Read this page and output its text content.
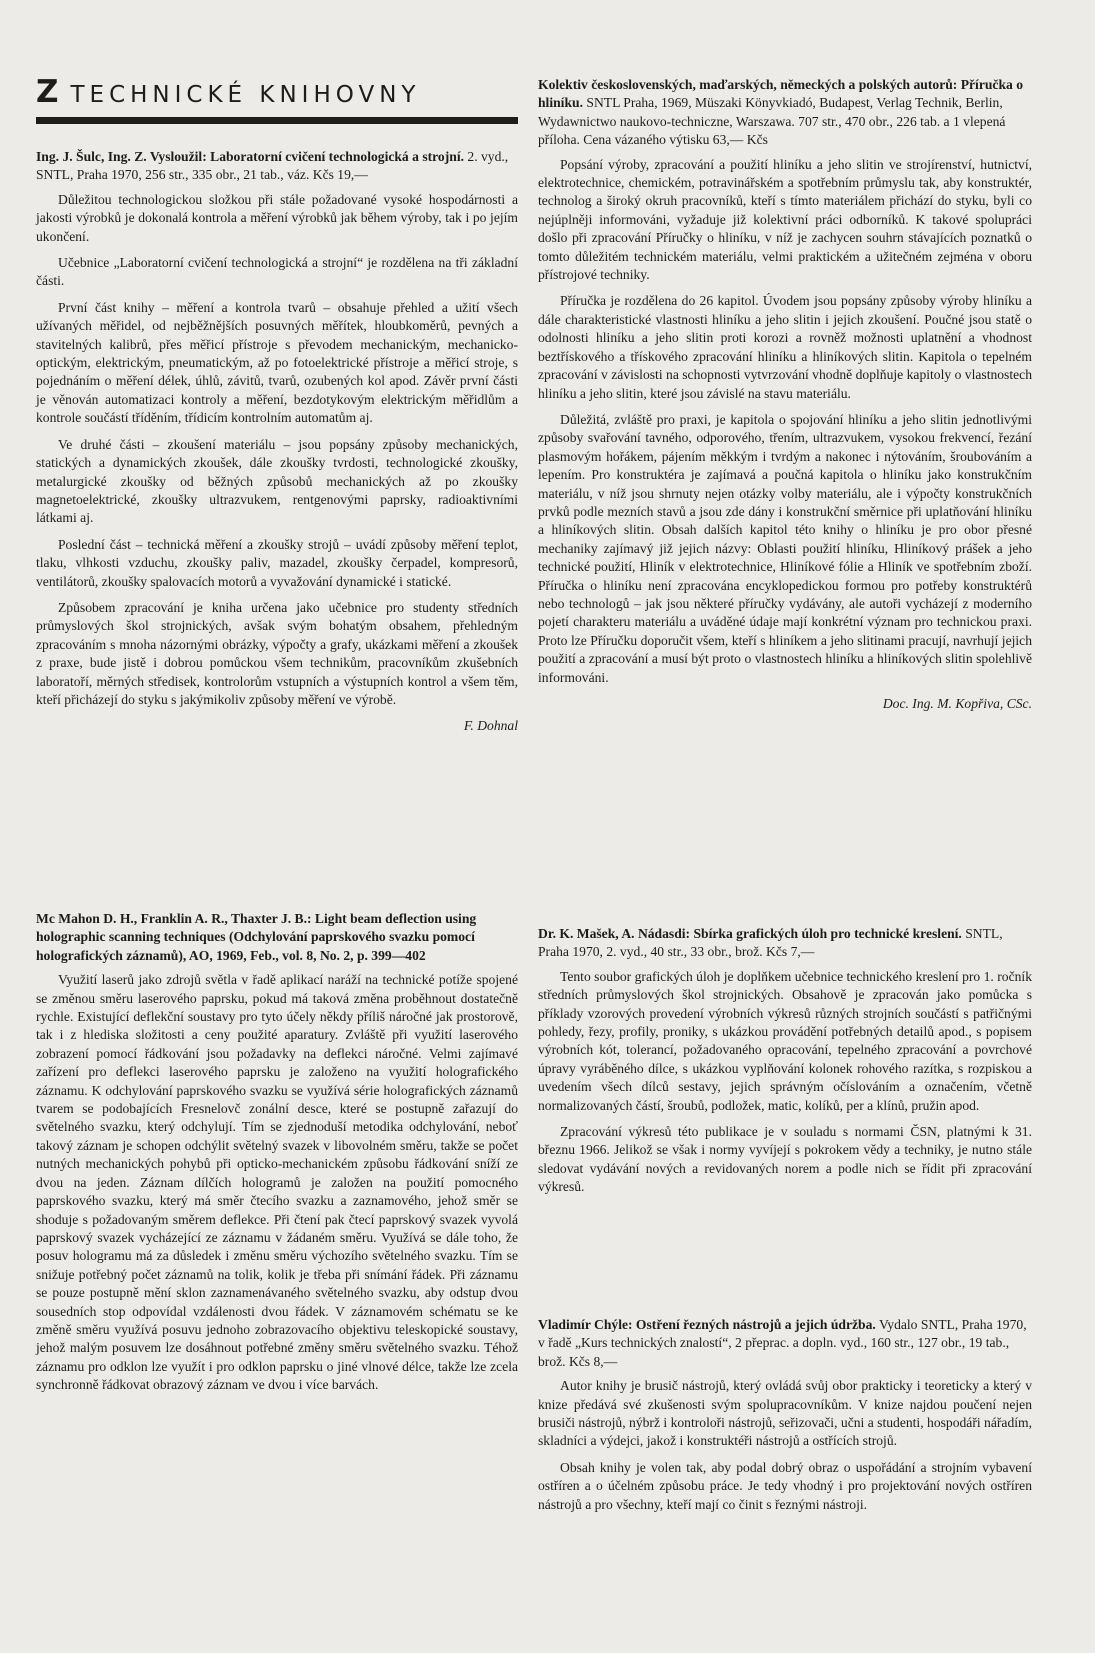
Z TECHNICKÉ KNIHOVNY
Ing. J. Šulc, Ing. Z. Vysloužil: Laboratorní cvičení technologická a strojní. 2. vyd., SNTL, Praha 1970, 256 str., 335 obr., 21 tab., váz. Kčs 19,—

Důležitou technologickou složkou při stále požadované vysoké hospodárnosti a jakosti výrobků je dokonalá kontrola a měření výrobků jak během výroby, tak i po jejím ukončení.

Učebnice „Laboratorní cvičení technologická a strojní“ je rozdělena na tři základní části.

První část knihy – měření a kontrola tvarů – obsahuje přehled a užití všech užívaných měřidel, od nejběžnějších posuvných měřítek, hloubkoměrů, pevných a stavitelných kalibrů, přes měřicí přístroje s převodem mechanickým, mechanicko-optickým, elektrickým, pneumatickým, až po fotoelektrické přístroje a měřicí stroje, s pojednáním o měření délek, úhlů, závitů, tvarů, ozubených kol apod. Závěr první části je věnován automatizaci kontroly a měření, bezdotykovým elektrickým měřidlům a kontrole součástí tříděním, třídicím kontrolním automatům aj.

Ve druhé části – zkoušení materiálu – jsou popsány způsoby mechanických, statických a dynamických zkoušek, dále zkoušky tvrdosti, technologické zkoušky, metalurgické zkoušky od běžných způsobů mechanických až po zkoušky magnetoelektrické, zkoušky ultrazvukem, rentgenovými paprsky, radioaktivními látkami aj.

Poslední část – technická měření a zkoušky strojů – uvádí způsoby měření teplot, tlaku, vlhkosti vzduchu, zkoušky paliv, mazadel, zkoušky čerpadel, kompresorů, ventilátorů, zkoušky spalovacích motorů a vyvažování dynamické i statické.

Způsobem zpracování je kniha určena jako učebnice pro studenty středních průmyslových škol strojnických, avšak svým bohatým obsahem, přehledným zpracováním s mnoha názornými obrázky, výpočty a grafy, ukázkami měření a zkoušek z praxe, bude jistě i dobrou pomůckou všem technikům, pracovníkům zkušebních laboratoří, měrných středisek, kontrolorům vstupních a výstupních kontrol a všem těm, kteří přicházejí do styku s jakýmikoliv způsoby měření ve výrobě.

F. Dohnal

Mc Mahon D. H., Franklin A. R., Thaxter J. B.: Light beam deflection using holographic scanning techniques (Odchylování paprskového svazku pomocí holografických záznamů), AO, 1969, Feb., vol. 8, No. 2, p. 399—402

Využití laserů jako zdrojů světla v řadě aplikací naráží na technické potíže spojené se změnou směru laserového paprsku, pokud má taková změna proběhnout dostatečně rychle. Existující deflekční soustavy pro tyto účely někdy příliš náročné jak prostorově, tak i z hlediska složitosti a ceny použité aparatury. Zvláště při využití laserového zobrazení pomocí řádkování jsou požadavky na deflekci náročné. Velmi zajímavé zařízení pro deflekci laserového paprsku je založeno na využití holografického záznamu. K odchylování paprskového svazku se využívá série holografických záznamů tvarem se podobajících Fresnelovč zonální desce, které se postupně zařazují do světelného svazku, který odchylují. Tím se zjednoduší metodika odchylování, neboť takový záznam je schopen odchýlit světelný svazek v libovolném směru, takže se počet nutných mechanických pohybů při opticko-mechanickém způsobu řádkování sníží ze dvou na jeden. Záznam dílčích hologramů je založen na použití pomocného paprskového svazku, který má směr čtecího svazku a zaznamového, jehož směr se shoduje s požadovaným směrem deflekce. Při čtení pak čtecí paprskový svazek vyvolá paprskový svazek vycházející ze záznamu v žádaném směru. Využívá se dále toho, že posuv hologramu má za důsledek i změnu směru výchozího světelného svazku. Tím se snižuje potřebný počet záznamů na tolik, kolik je třeba při snímání řádek. Při záznamu se pouze postupně mění sklon zaznamenávaného světelného svazku, aby odstup dvou sousedních stop odpovídal vzdálenosti dvou řádek. V záznamovém schématu se ke změně směru využívá posuvu jednoho zobrazovacího objektivu teleskopické soustavy, jehož malým posuvem lze dosáhnout potřebné změny směru světelného svazku. Téhož záznamu pro odklon lze využít i pro odklon paprsku o jiné vlnové délce, takže lze zcela synchronně řádkovat obrazový záznam ve dvou i více barvách.

Kolektiv československých, maďarských, německých a polských autorů: Příručka o hliníku. SNTL Praha, 1969, Müszaki Könyvkiadó, Budapest, Verlag Technik, Berlin, Wydawnictwo naukovo-techniczne, Warszawa. 707 str., 470 obr., 226 tab. a 1 vlepená příloha. Cena vázaného výtisku 63,— Kčs

Popsání výroby, zpracování a použití hliníku a jeho slitin ve strojírenství, hutnictví, elektrotechnice, chemickém, potravinářském a spotřebním průmyslu tak, aby konstruktér, technolog a široký okruh pracovníků, kteří s tímto materiálem přichází do styku, byli co nejúplněji informováni, vyžaduje již kolektivní práci odborníků. K takové spolupráci došlo při zpracování Příručky o hliníku, v níž je zachycen souhrn stávajících poznatků o tomto důležitém technickém materiálu, velmi praktickém a užitečném zejména v oboru přístrojové techniky.

Příručka je rozdělena do 26 kapitol. Úvodem jsou popsány způsoby výroby hliníku a dále charakteristické vlastnosti hliníku a jeho slitin i jejich zkoušení. Poučné jsou statě o odolnosti hliníku a jeho slitin proti korozi a rovněž možnosti uplatnění a vhodnost beztřískového a třískového zpracování hliníku a hliníkových slitin. Kapitola o tepelném zpracování v závislosti na schopnosti vytvrzování vhodně doplňuje kapitoly o vlastnostech hliníku a jeho slitin, které jsou závislé na stavu materiálu.

Důležitá, zvláště pro praxi, je kapitola o spojování hliníku a jeho slitin jednotlivými způsoby svařování tavného, odporového, třením, ultrazvukem, vysokou frekvencí, řezání plasmovým hořákem, pájením měkkým i tvrdým a nakonec i nýtováním, šroubováním a lepením. Pro konstruktéra je zajímavá a poučná kapitola o hliníku jako konstrukčním materiálu, v níž jsou shrnuty nejen otázky volby materiálu, ale i výpočty konstrukčních prvků podle mezních stavů a jsou zde dány i konstrukční směrnice při uplatňování hliníku a hliníkových slitin. Obsah dalších kapitol této knihy o hliníku je pro obor přesné mechaniky zajímavý již jejich názvy: Oblasti použití hliníku, Hliníkový prášek a jeho technické použití, Hliník v elektrotechnice, Hliníkové fólie a Hliník ve spotřebním zboží. Příručka o hliníku není zpracována encyklopedickou formou pro potřeby konstruktérů nebo technologů – jak jsou některé příručky vydávány, ale autoři vycházejí z moderního pojetí charakteru materiálu a uváděné údaje mají konkrétní význam pro technickou praxi. Proto lze Příručku doporučit všem, kteří s hliníkem a jeho slitinami pracují, navrhují jejich použití a zpracování a musí být proto o vlastnostech hliníku a hliníkových slitin spolehlivě informováni.

Doc. Ing. M. Kopřiva, CSc.

Dr. K. Mašek, A. Nádasdi: Sbírka grafických úloh pro technické kreslení. SNTL, Praha 1970, 2. vyd., 40 str., 33 obr., brož. Kčs 7,—

Tento soubor grafických úloh je doplňkem učebnice technického kreslení pro 1. ročník středních průmyslových škol strojnických. Obsahově je zpracován jako pomůcka s příklady vzorových provedení výrobních výkresů různých strojních součástí s patřičnými pohledy, řezy, profily, proniky, s ukázkou provádění potřebných detailů apod., s popisem výrobních kót, tolerancí, požadovaného opracování, tepelného zpracování a povrchové úpravy vyráběného dílce, s ukázkou vyplňování kolonek rohového razítka, s rozpiskou a uvedením všech dílců sestavy, jejich správným očíslováním a označením, včetně normalizovaných částí, šroubů, podložek, matic, kolíků, per a klínů, pružin apod.

Zpracování výkresů této publikace je v souladu s normami ČSN, platnými k 31. březnu 1966. Jelikož se však i normy vyvíjejí s pokrokem vědy a techniky, je nutno stále sledovat vydávání nových a revidovaných norem a podle nich se řídit při zpracování výkresů.

Vladimír Chýle: Ostření řezných nástrojů a jejich údržba. Vydalo SNTL, Praha 1970, v řadě „Kurs technických znalostí“, 2 přeprac. a dopln. vyd., 160 str., 127 obr., 19 tab., brož. Kčs 8,—

Autor knihy je brusič nástrojů, který ovládá svůj obor prakticky i teoreticky a který v knize předává své zkušenosti svým spolupracovníkům. V knize najdou poučení nejen brusiči nástrojů, nýbrž i kontroloři nástrojů, seřizovači, učni a studenti, hospodáři nářadím, skladníci a výdejci, jakož i konstruktéři nástrojů a ostřících strojů.

Obsah knihy je volen tak, aby podal dobrý obraz o uspořádání a strojním vybavení ostříren a o účelném způsobu práce. Je tedy vhodný i pro projektování nových ostříren nástrojů a pro všechny, kteří mají co činit s řeznými nástroji.
